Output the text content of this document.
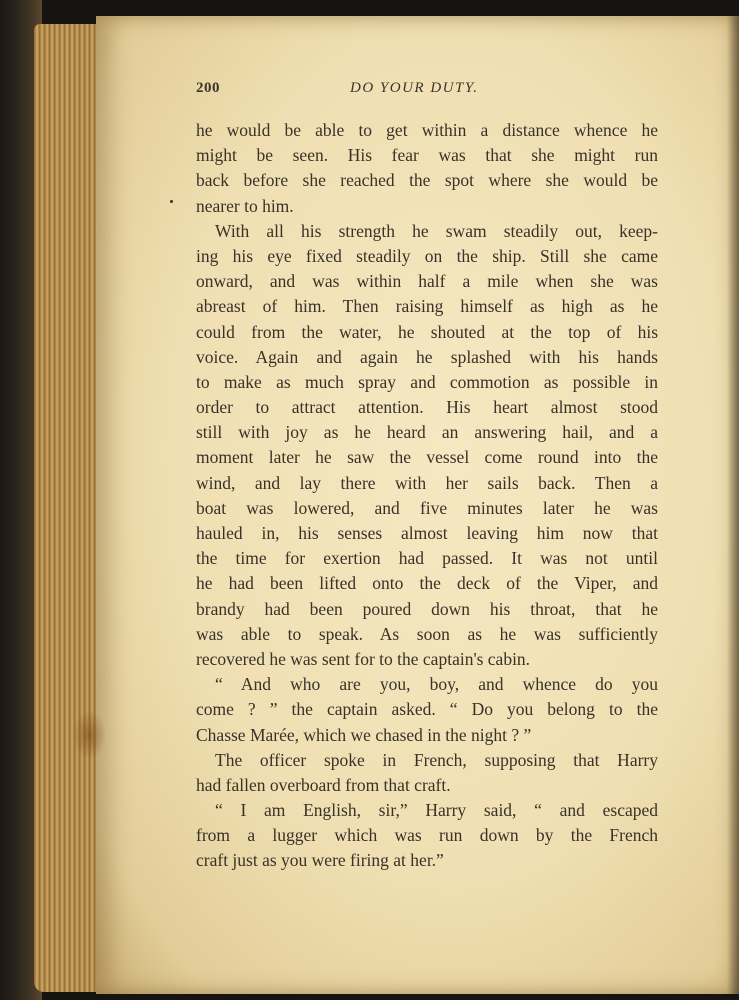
200	DO YOUR DUTY.
he would be able to get within a distance whence he
might be seen. His fear was that she might run
back before she reached the spot where she would be
nearer to him.
With all his strength he swam steadily out, keep-
ing his eye fixed steadily on the ship. Still she came
onward, and was within half a mile when she was
abreast of him. Then raising himself as high as he
could from the water, he shouted at the top of his
voice. Again and again he splashed with his hands
to make as much spray and commotion as possible in
order to attract attention. His heart almost stood
still with joy as he heard an answering hail, and a
moment later he saw the vessel come round into the
wind, and lay there with her sails back. Then a
boat was lowered, and five minutes later he was
hauled in, his senses almost leaving him now that
the time for exertion had passed. It was not until
he had been lifted onto the deck of the Viper, and
brandy had been poured down his throat, that he
was able to speak. As soon as he was sufficiently
recovered he was sent for to the captain's cabin.
“ And who are you, boy, and whence do you
come ? ” the captain asked. “ Do you belong to the
Chasse Marée, which we chased in the night ? ”
The officer spoke in French, supposing that Harry
had fallen overboard from that craft.
“ I am English, sir,” Harry said, “ and escaped
from a lugger which was run down by the French
craft just as you were firing at her.”
